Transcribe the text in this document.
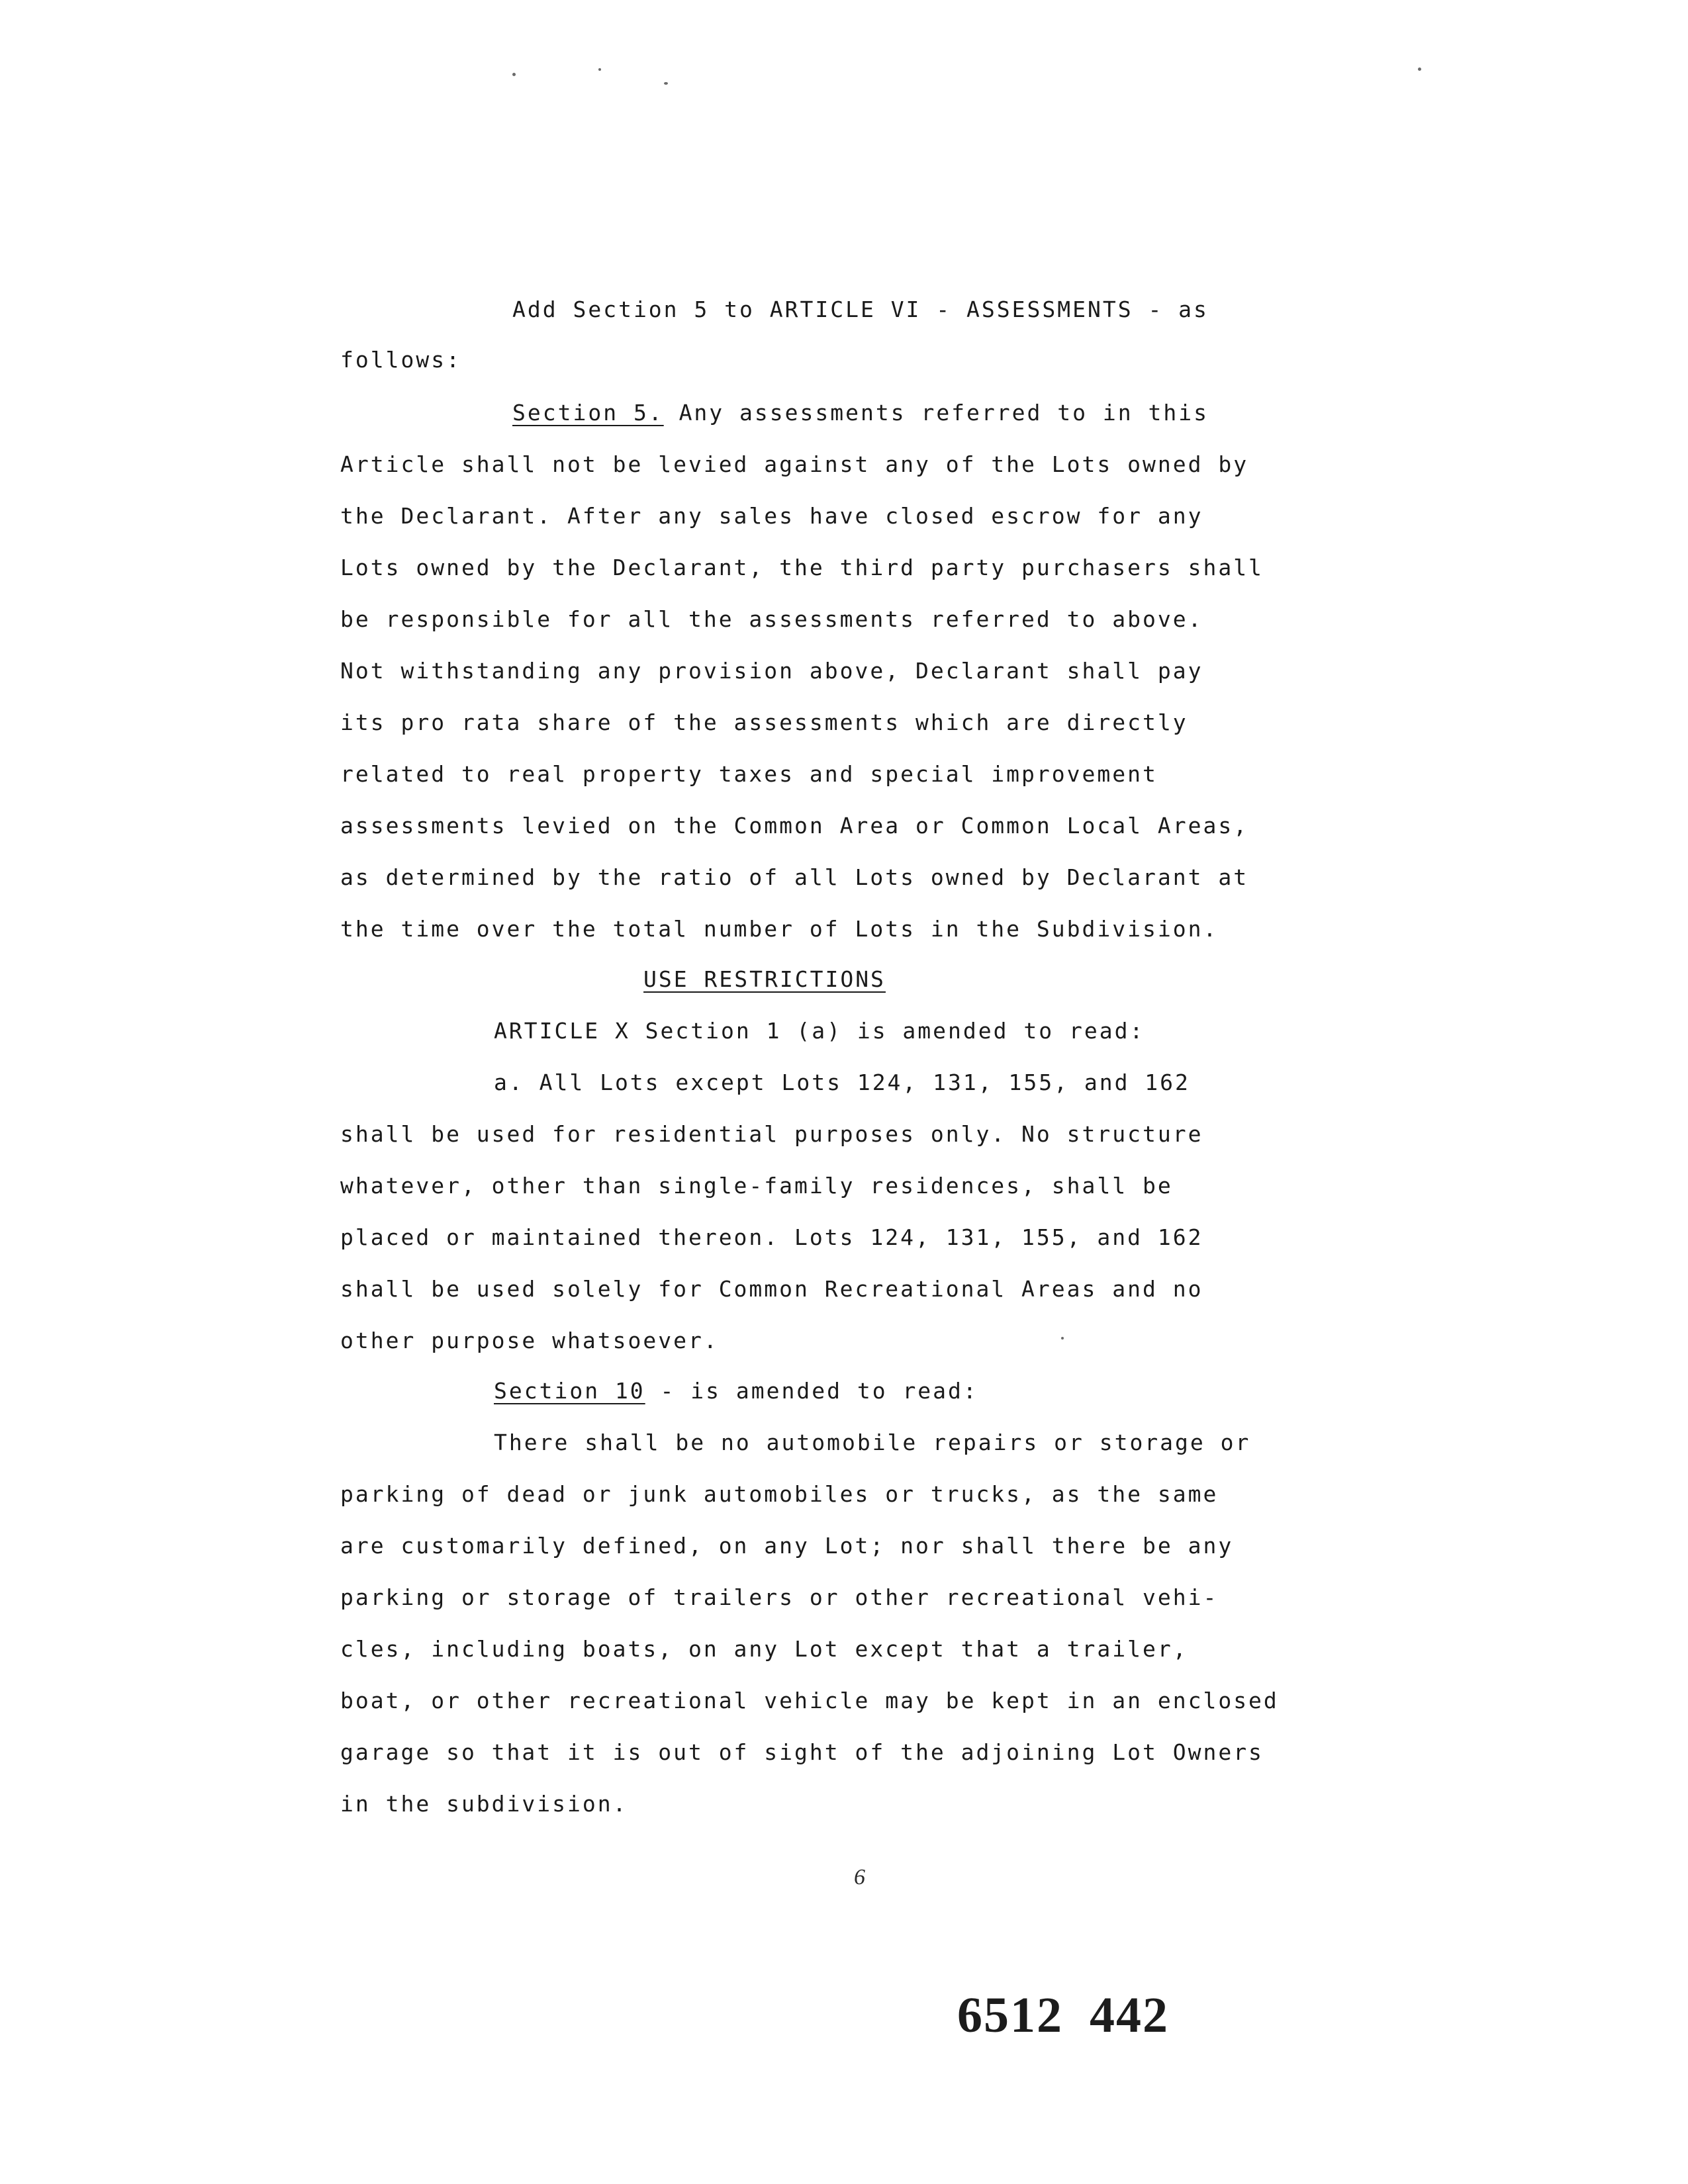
Add Section 5 to ARTICLE VI - ASSESSMENTS - as
follows:
Section 5. Any assessments referred to in this
Article shall not be levied against any of the Lots owned by
the Declarant. After any sales have closed escrow for any
Lots owned by the Declarant, the third party purchasers shall
be responsible for all the assessments referred to above.
Not withstanding any provision above, Declarant shall pay
its pro rata share of the assessments which are directly
related to real property taxes and special improvement
assessments levied on the Common Area or Common Local Areas,
as determined by the ratio of all Lots owned by Declarant at
the time over the total number of Lots in the Subdivision.
USE RESTRICTIONS
ARTICLE X Section 1 (a) is amended to read:
a. All Lots except Lots 124, 131, 155, and 162
shall be used for residential purposes only. No structure
whatever, other than single-family residences, shall be
placed or maintained thereon. Lots 124, 131, 155, and 162
shall be used solely for Common Recreational Areas and no
other purpose whatsoever.
Section 10 - is amended to read:
There shall be no automobile repairs or storage or
parking of dead or junk automobiles or trucks, as the same
are customarily defined, on any Lot; nor shall there be any
parking or storage of trailers or other recreational vehi-
cles, including boats, on any Lot except that a trailer,
boat, or other recreational vehicle may be kept in an enclosed
garage so that it is out of sight of the adjoining Lot Owners
in the subdivision.
6
6512 442
